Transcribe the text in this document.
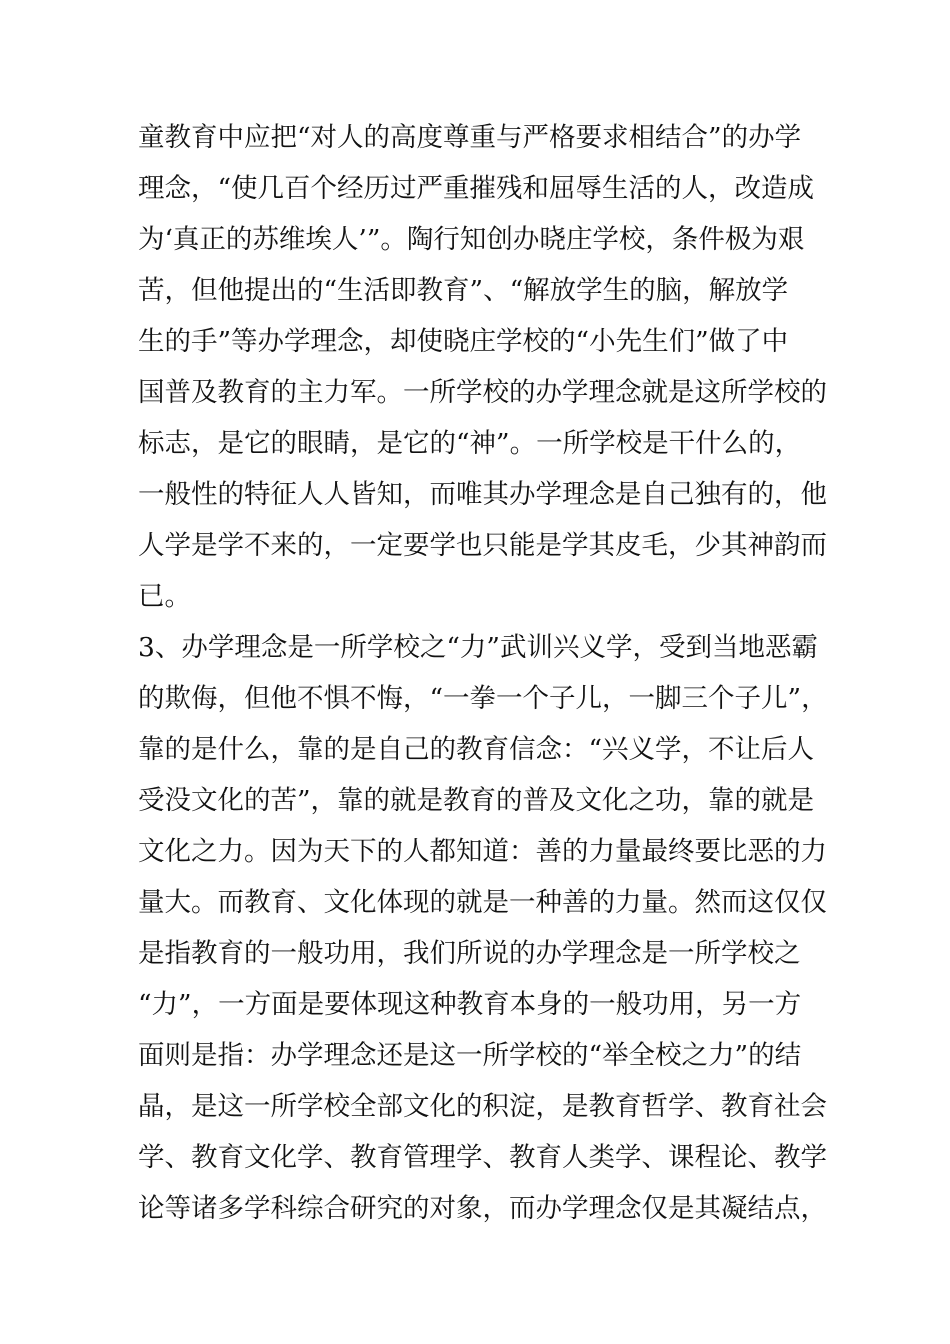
童教育中应把“对人的高度尊重与严格要求相结合”的办学
理念，“使几百个经历过严重摧残和屈辱生活的人，改造成
为‘真正的苏维埃人’”。陶行知创办晓庄学校，条件极为艰
苦，但他提出的“生活即教育”、“解放学生的脑，解放学
生的手”等办学理念，却使晓庄学校的“小先生们”做了中
国普及教育的主力军。一所学校的办学理念就是这所学校的
标志，是它的眼睛，是它的“神”。一所学校是干什么的，
一般性的特征人人皆知，而唯其办学理念是自己独有的，他
人学是学不来的，一定要学也只能是学其皮毛，少其神韵而
已。
3、办学理念是一所学校之“力”武训兴义学，受到当地恶霸
的欺侮，但他不惧不悔，“一拳一个子儿，一脚三个子儿”，
靠的是什么，靠的是自己的教育信念：“兴义学，不让后人
受没文化的苦”，靠的就是教育的普及文化之功，靠的就是
文化之力。因为天下的人都知道：善的力量最终要比恶的力
量大。而教育、文化体现的就是一种善的力量。然而这仅仅
是指教育的一般功用，我们所说的办学理念是一所学校之
“力”，一方面是要体现这种教育本身的一般功用，另一方
面则是指：办学理念还是这一所学校的“举全校之力”的结
晶，是这一所学校全部文化的积淀，是教育哲学、教育社会
学、教育文化学、教育管理学、教育人类学、课程论、教学
论等诸多学科综合研究的对象，而办学理念仅是其凝结点，
